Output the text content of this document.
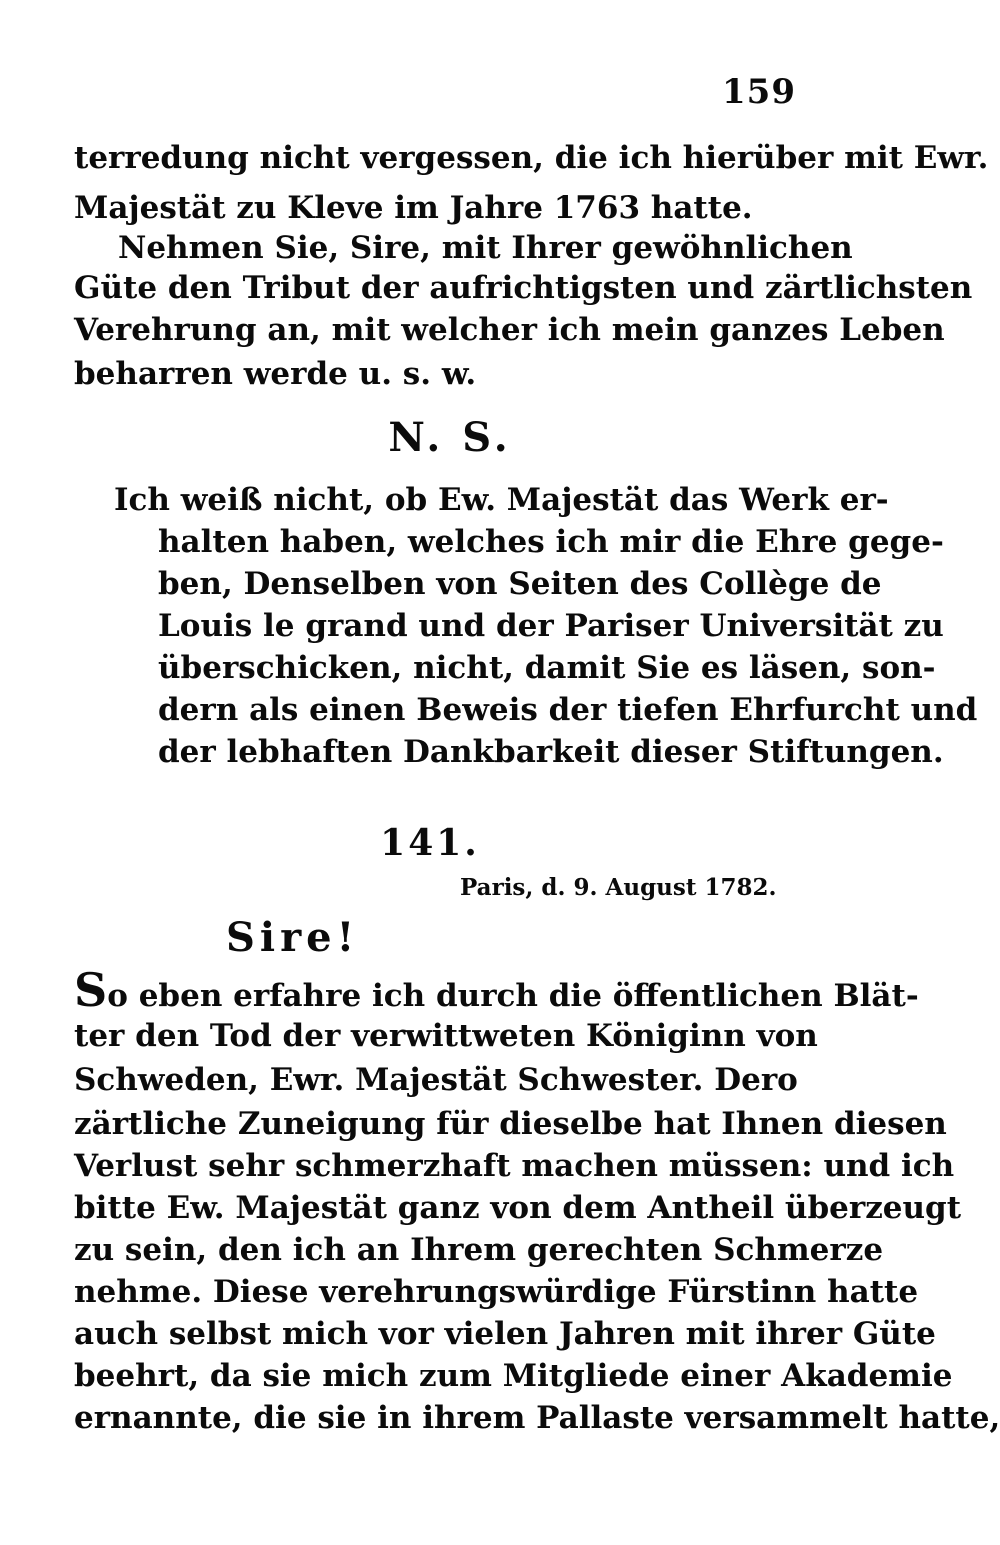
159
terredung nicht vergessen, die ich hierüber mit Ewr.
Majestät zu Kleve im Jahre 1763 hatte.
Nehmen Sie, Sire, mit Ihrer gewöhnlichen
Güte den Tribut der aufrichtigsten und zärtlichsten
Verehrung an, mit welcher ich mein ganzes Leben
beharren werde u. s. w.
N. S.
Ich weiß nicht, ob Ew. Majestät das Werk er-
halten haben, welches ich mir die Ehre gege-
ben, Denselben von Seiten des Collège de
Louis le grand und der Pariser Universität zu
überschicken, nicht, damit Sie es läsen, son-
dern als einen Beweis der tiefen Ehrfurcht und
der lebhaften Dankbarkeit dieser Stiftungen.
141.
Paris, d. 9. August 1782.
Sire!
So eben erfahre ich durch die öffentlichen Blät-
ter den Tod der verwittweten Königinn von
Schweden, Ewr. Majestät Schwester. Dero
zärtliche Zuneigung für dieselbe hat Ihnen diesen
Verlust sehr schmerzhaft machen müssen: und ich
bitte Ew. Majestät ganz von dem Antheil überzeugt
zu sein, den ich an Ihrem gerechten Schmerze
nehme. Diese verehrungswürdige Fürstinn hatte
auch selbst mich vor vielen Jahren mit ihrer Güte
beehrt, da sie mich zum Mitgliede einer Akademie
ernannte, die sie in ihrem Pallaste versammelt hatte,
